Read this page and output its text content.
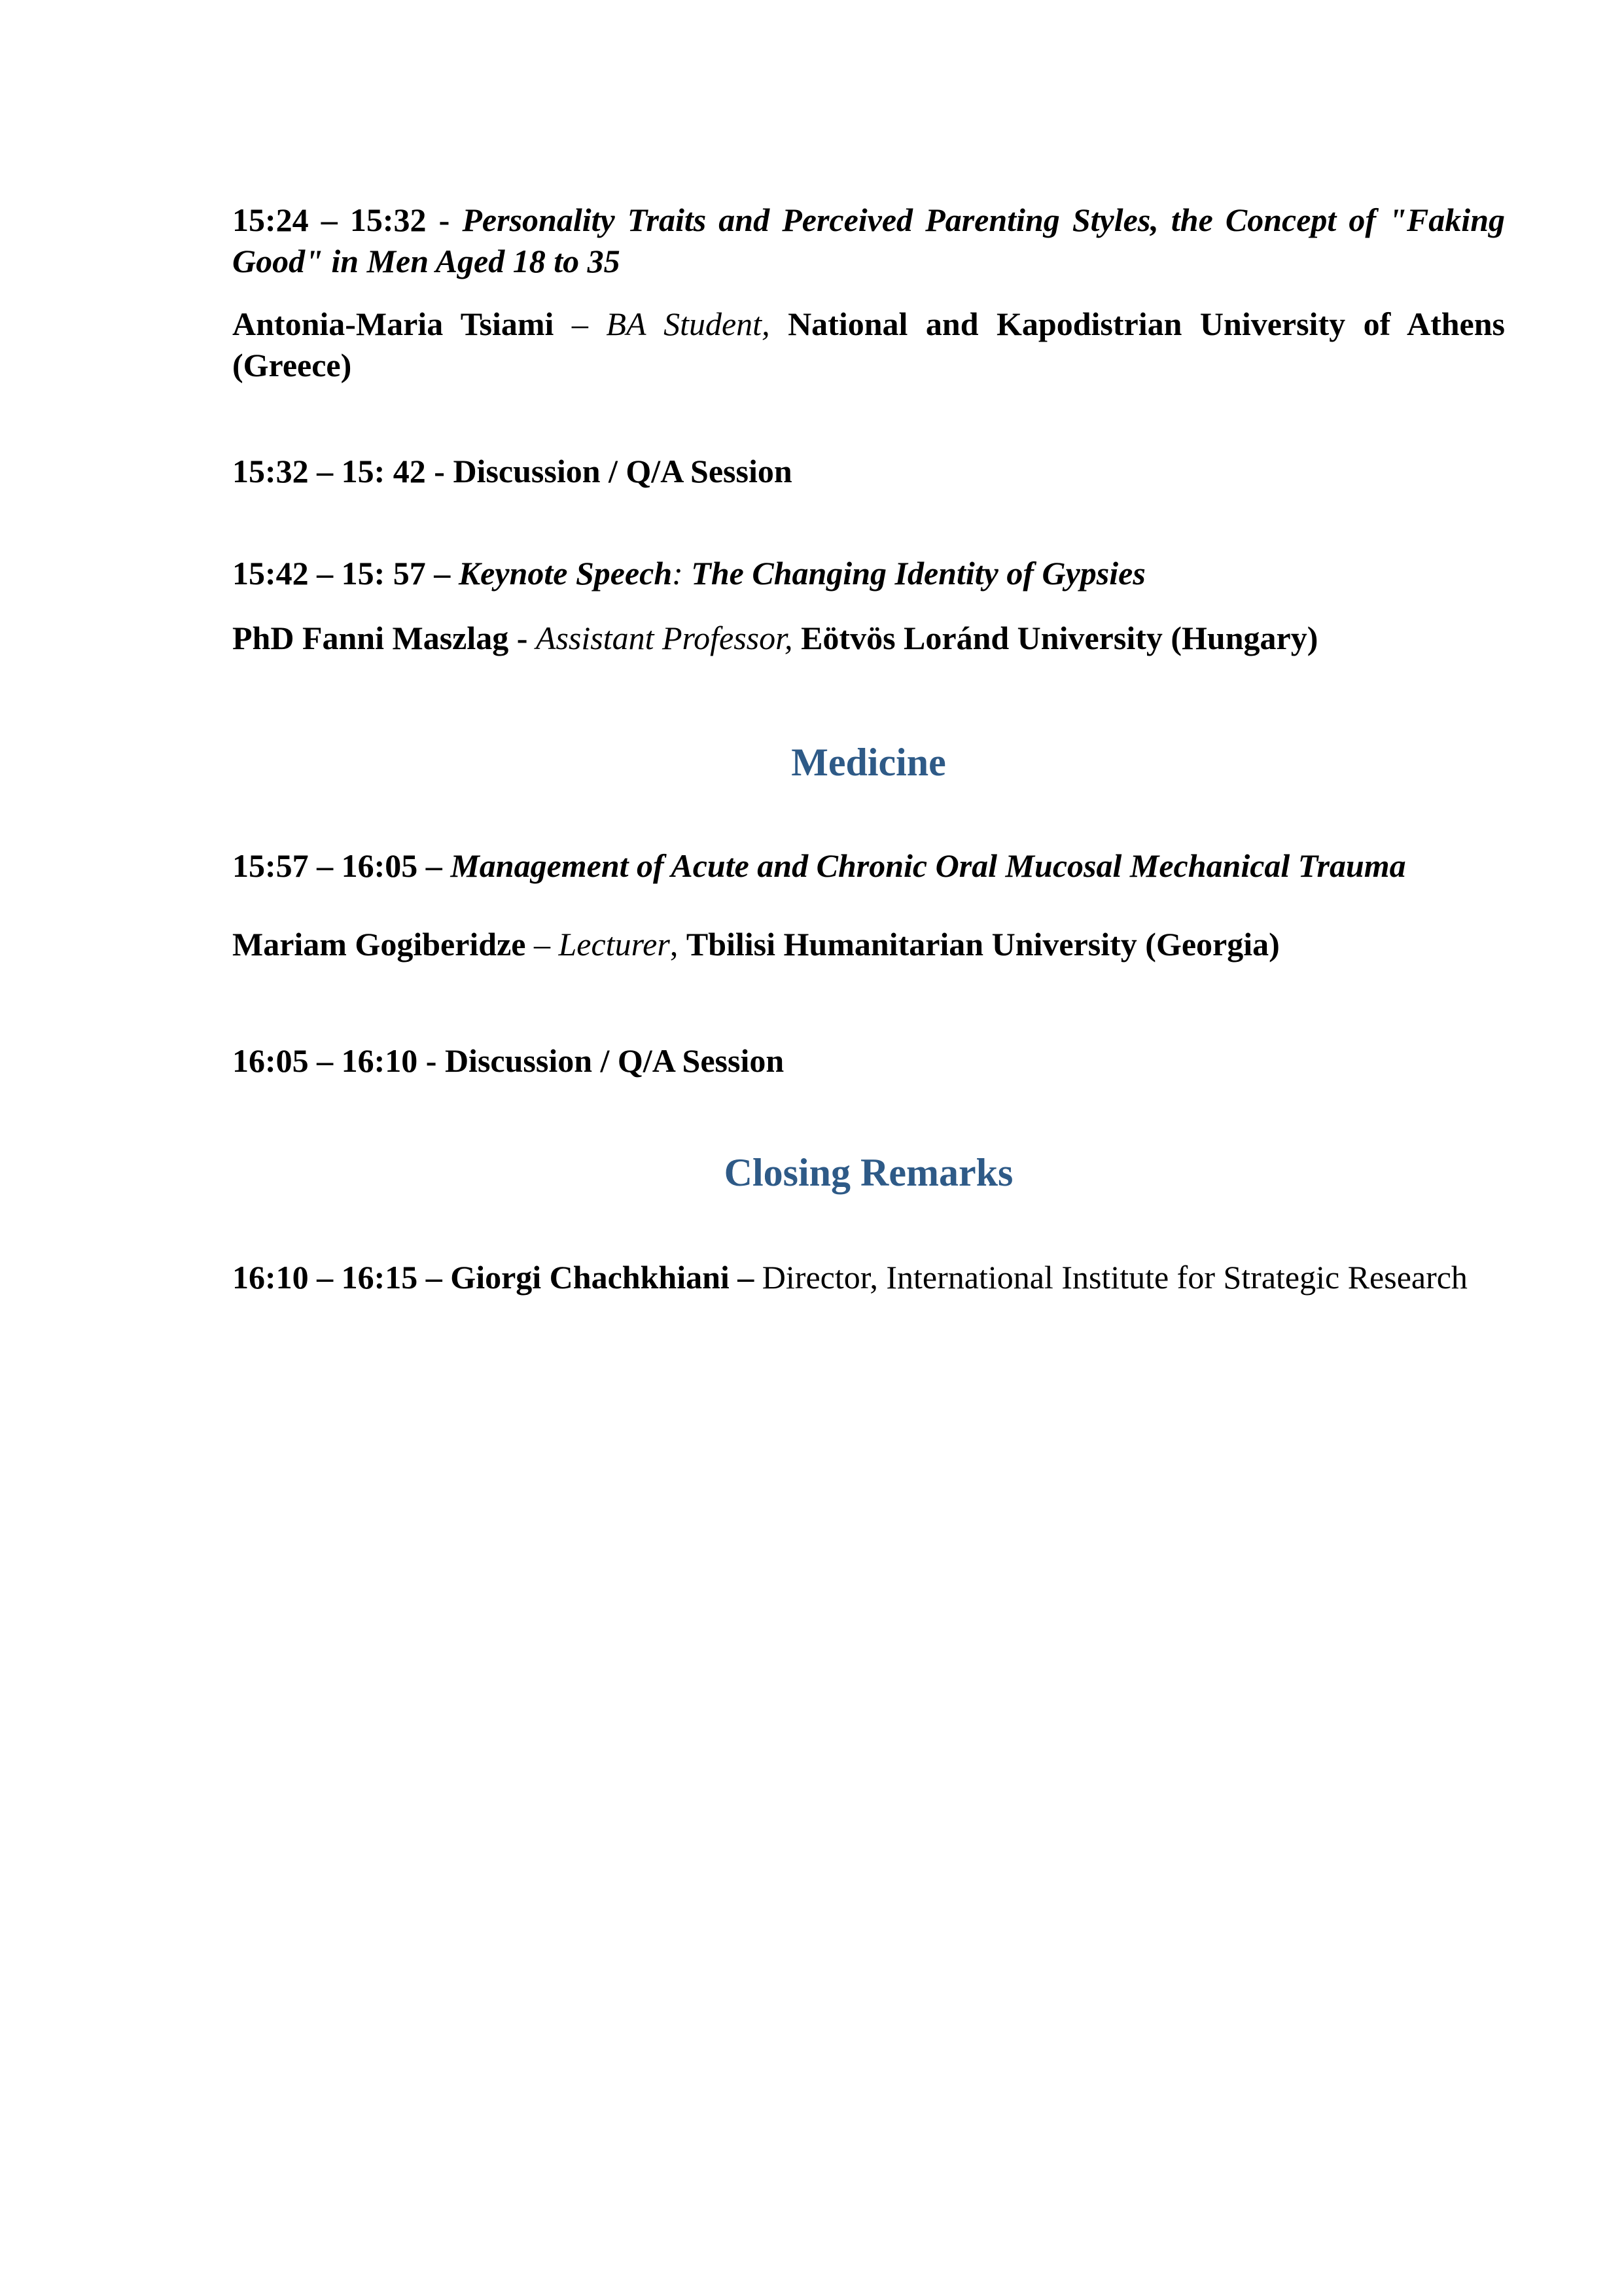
15:24 – 15:32 - Personality Traits and Perceived Parenting Styles, the Concept of "Faking Good" in Men Aged 18 to 35

Antonia-Maria Tsiami – BA Student, National and Kapodistrian University of Athens (Greece)

15:32 – 15: 42 - Discussion / Q/A Session

15:42 – 15: 57 – Keynote Speech: The Changing Identity of Gypsies

PhD Fanni Maszlag - Assistant Professor, Eötvös Loránd University (Hungary)

Medicine

15:57 – 16:05 – Management of Acute and Chronic Oral Mucosal Mechanical Trauma

Mariam Gogiberidze – Lecturer, Tbilisi Humanitarian University (Georgia)

16:05 – 16:10 - Discussion / Q/A Session

Closing Remarks

16:10 – 16:15 – Giorgi Chachkhiani – Director, International Institute for Strategic Research
